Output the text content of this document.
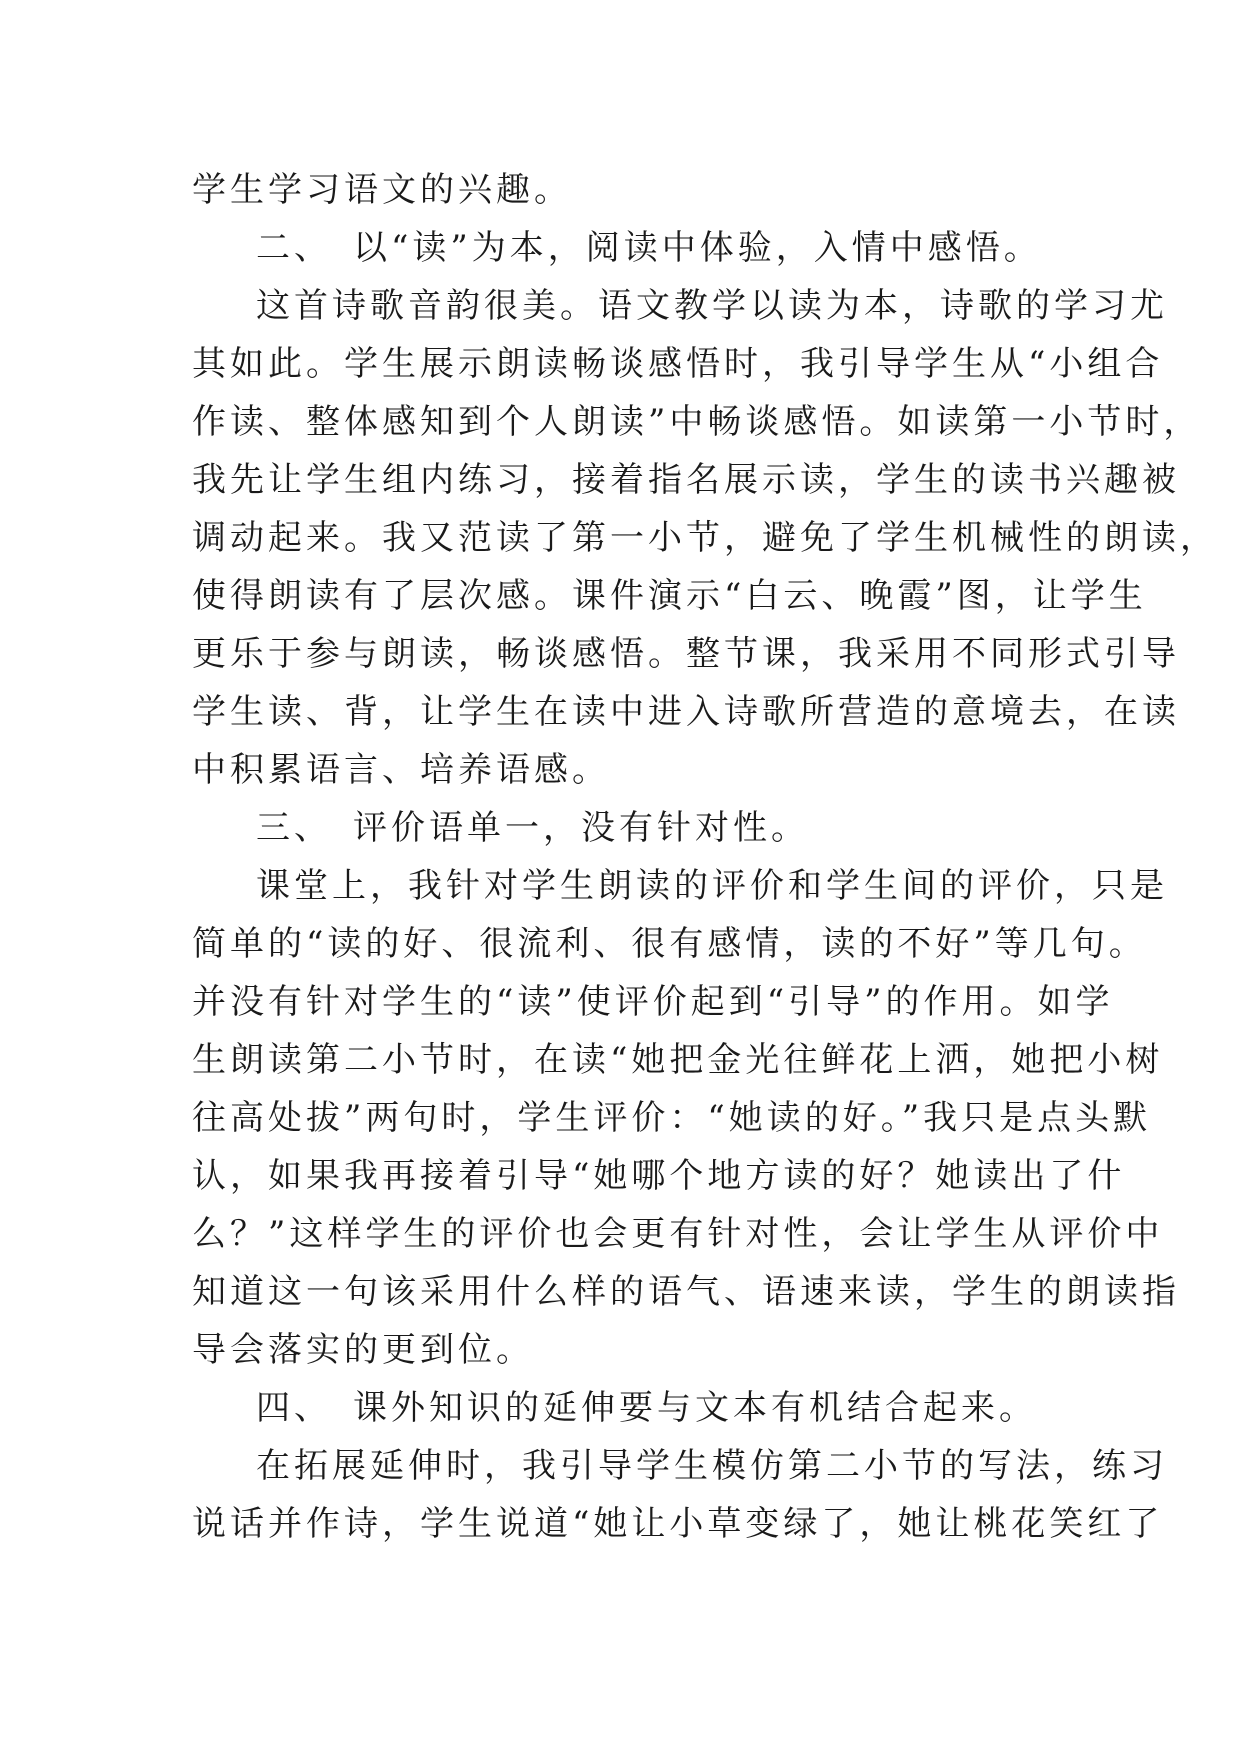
学生学习语文的兴趣。
二、　以“读”为本，阅读中体验，入情中感悟。
这首诗歌音韵很美。语文教学以读为本，诗歌的学习尤
其如此。学生展示朗读畅谈感悟时，我引导学生从“小组合
作读、整体感知到个人朗读”中畅谈感悟。如读第一小节时，
我先让学生组内练习，接着指名展示读，学生的读书兴趣被
调动起来。我又范读了第一小节，避免了学生机械性的朗读，
使得朗读有了层次感。课件演示“白云、晚霞”图，让学生
更乐于参与朗读，畅谈感悟。整节课，我采用不同形式引导
学生读、背，让学生在读中进入诗歌所营造的意境去，在读
中积累语言、培养语感。
三、　评价语单一，没有针对性。
课堂上，我针对学生朗读的评价和学生间的评价，只是
简单的“读的好、很流利、很有感情，读的不好”等几句。
并没有针对学生的“读”使评价起到“引导”的作用。如学
生朗读第二小节时，在读“她把金光往鲜花上洒，她把小树
往高处拔”两句时，学生评价：“她读的好。”我只是点头默
认，如果我再接着引导“她哪个地方读的好？她读出了什
么？”这样学生的评价也会更有针对性，会让学生从评价中
知道这一句该采用什么样的语气、语速来读，学生的朗读指
导会落实的更到位。
四、　课外知识的延伸要与文本有机结合起来。
在拓展延伸时，我引导学生模仿第二小节的写法，练习
说话并作诗，学生说道“她让小草变绿了，她让桃花笑红了
